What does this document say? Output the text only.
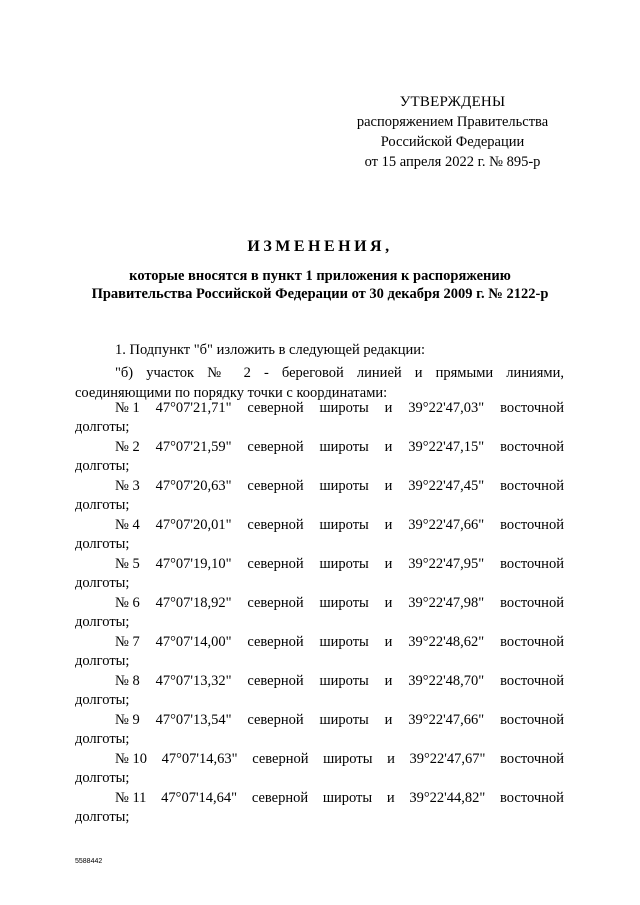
УТВЕРЖДЕНЫ
распоряжением Правительства
Российской Федерации
от 15 апреля 2022 г. № 895-р
ИЗМЕНЕНИЯ,
которые вносятся в пункт 1 приложения к распоряжению
Правительства Российской Федерации от 30 декабря 2009 г. № 2122-р
1. Подпункт "б" изложить в следующей редакции:
"б) участок № 2 - береговой линией и прямыми линиями, соединяющими по порядку точки с координатами:
№ 1 47°07'21,71" северной широты и 39°22'47,03" восточной
долготы;
№ 2 47°07'21,59" северной широты и 39°22'47,15" восточной
долготы;
№ 3 47°07'20,63" северной широты и 39°22'47,45" восточной
долготы;
№ 4 47°07'20,01" северной широты и 39°22'47,66" восточной
долготы;
№ 5 47°07'19,10" северной широты и 39°22'47,95" восточной
долготы;
№ 6 47°07'18,92" северной широты и 39°22'47,98" восточной
долготы;
№ 7 47°07'14,00" северной широты и 39°22'48,62" восточной
долготы;
№ 8 47°07'13,32" северной широты и 39°22'48,70" восточной
долготы;
№ 9 47°07'13,54" северной широты и 39°22'47,66" восточной
долготы;
№ 10 47°07'14,63" северной широты и 39°22'47,67" восточной
долготы;
№ 11 47°07'14,64" северной широты и 39°22'44,82" восточной
долготы;
5588442
